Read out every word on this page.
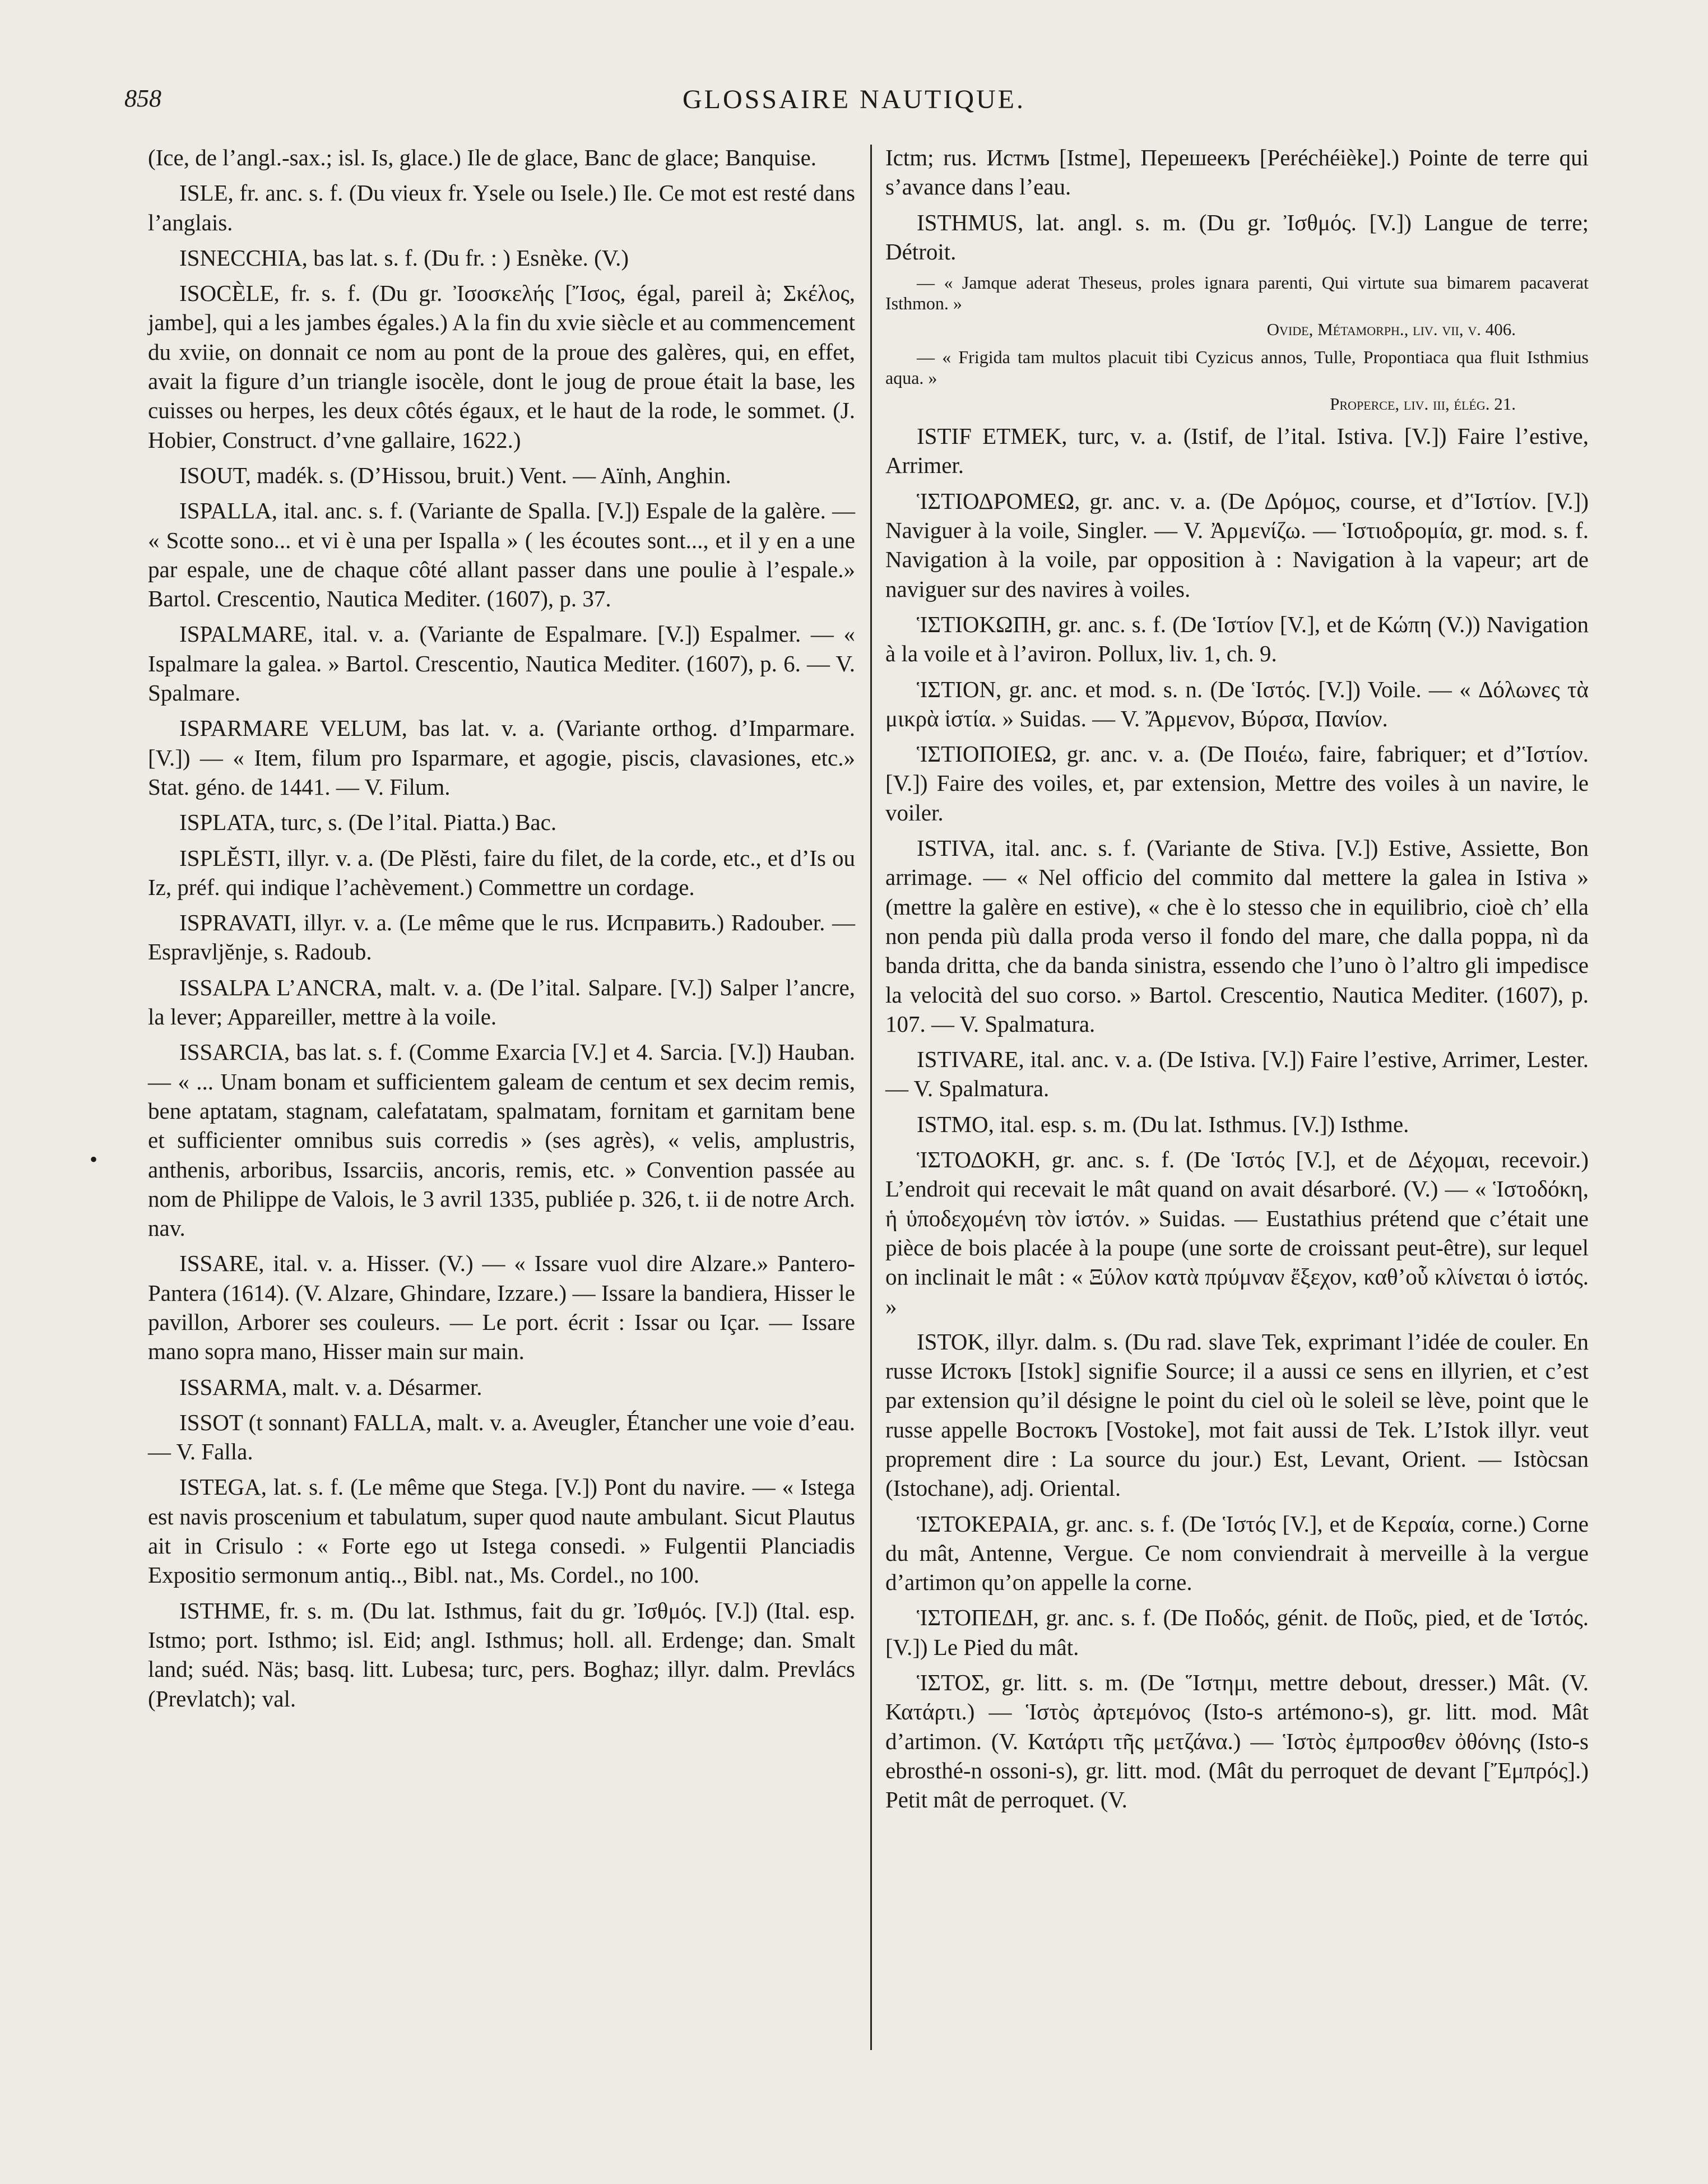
858	GLOSSAIRE NAUTIQUE.
•

(Ice, de l’angl.-sax.; isl. Is, glace.) Ile de glace, Banc de glace; Banquise.

ISLE, fr. anc. s. f. (Du vieux fr. Ysele ou Isele.) Ile. Ce mot est resté dans l’anglais.

ISNECCHIA, bas lat. s. f. (Du fr. : ) Esnèke. (V.)

ISOCÈLE, fr. s. f. (Du gr. Ἰσοσκελής [Ἴσος, égal, pareil à; Σκέλος, jambe], qui a les jambes égales.) A la fin du xvie siècle et au commencement du xviie, on donnait ce nom au pont de la proue des galères, qui, en effet, avait la figure d’un triangle isocèle, dont le joug de proue était la base, les cuisses ou herpes, les deux côtés égaux, et le haut de la rode, le sommet. (J. Hobier, Construct. d’vne gallaire, 1622.)

ISOUT, madék. s. (D’Hissou, bruit.) Vent. — Aïnh, Anghin.

ISPALLA, ital. anc. s. f. (Variante de Spalla. [V.]) Espale de la galère. — « Scotte sono... et vi è una per Ispalla » ( les écoutes sont..., et il y en a une par espale, une de chaque côté allant passer dans une poulie à l’espale.» Bartol. Crescentio, Nautica Mediter. (1607), p. 37.

ISPALMARE, ital. v. a. (Variante de Espalmare. [V.]) Espalmer. — « Ispalmare la galea. » Bartol. Crescentio, Nautica Mediter. (1607), p. 6. — V. Spalmare.

ISPARMARE VELUM, bas lat. v. a. (Variante orthog. d’Imparmare. [V.]) — « Item, filum pro Isparmare, et agogie, piscis, clavasiones, etc.» Stat. géno. de 1441. — V. Filum.

ISPLATA, turc, s. (De l’ital. Piatta.) Bac.

ISPLĔSTI, illyr. v. a. (De Plĕsti, faire du filet, de la corde, etc., et d’Is ou Iz, préf. qui indique l’achèvement.) Commettre un cordage.

ISPRAVATI, illyr. v. a. (Le même que le rus. Исправить.) Radouber. — Espravljĕnje, s. Radoub.

ISSALPA L’ANCRA, malt. v. a. (De l’ital. Salpare. [V.]) Salper l’ancre, la lever; Appareiller, mettre à la voile.

ISSARCIA, bas lat. s. f. (Comme Exarcia [V.] et 4. Sarcia. [V.]) Hauban. — « ... Unam bonam et sufficientem galeam de centum et sex decim remis, bene aptatam, stagnam, calefatatam, spalmatam, fornitam et garnitam bene et sufficienter omnibus suis corredis » (ses agrès), « velis, amplustris, anthenis, arboribus, Issarciis, ancoris, remis, etc. » Convention passée au nom de Philippe de Valois, le 3 avril 1335, publiée p. 326, t. ii de notre Arch. nav.

ISSARE, ital. v. a. Hisser. (V.) — « Issare vuol dire Alzare.» Pantero-Pantera (1614). (V. Alzare, Ghindare, Izzare.) — Issare la bandiera, Hisser le pavillon, Arborer ses couleurs. — Le port. écrit : Issar ou Içar. — Issare mano sopra mano, Hisser main sur main.

ISSARMA, malt. v. a. Désarmer.

ISSOT (t sonnant) FALLA, malt. v. a. Aveugler, Étancher une voie d’eau. — V. Falla.

ISTEGA, lat. s. f. (Le même que Stega. [V.]) Pont du navire. — « Istega est navis proscenium et tabulatum, super quod naute ambulant. Sicut Plautus ait in Crisulo : « Forte ego ut Istega consedi. » Fulgentii Planciadis Expositio sermonum antiq.., Bibl. nat., Ms. Cordel., no 100.

ISTHME, fr. s. m. (Du lat. Isthmus, fait du gr. Ἰσθμός. [V.]) (Ital. esp. Istmo; port. Isthmo; isl. Eid; angl. Isthmus; holl. all. Erdenge; dan. Smalt land; suéd. Näs; basq. litt. Lubesa; turc, pers. Boghaz; illyr. dalm. Prevlács (Prevlatch); val.

Ictm; rus. Истмъ [Istme], Перешеекъ [Peréchéièke].) Pointe de terre qui s’avance dans l’eau.

ISTHMUS, lat. angl. s. m. (Du gr. Ἰσθμός. [V.]) Langue de terre; Détroit.

— « Jamque aderat Theseus, proles ignara parenti, Qui virtute sua bimarem pacaverat Isthmon. »

Ovide, Métamorph., liv. vii, v. 406.

— « Frigida tam multos placuit tibi Cyzicus annos, Tulle, Propontiaca qua fluit Isthmius aqua. »

Properce, liv. iii, élég. 21.

ISTIF ETMEK, turc, v. a. (Istif, de l’ital. Istiva. [V.]) Faire l’estive, Arrimer.

ἹΣΤΙΟΔΡΟΜΕΩ, gr. anc. v. a. (De Δρόμος, course, et d’Ἱστίον. [V.]) Naviguer à la voile, Singler. — V. Ἀρμενίζω. — Ἱστιοδρομία, gr. mod. s. f. Navigation à la voile, par opposition à : Navigation à la vapeur; art de naviguer sur des navires à voiles.

ἹΣΤΙΟΚΩΠΗ, gr. anc. s. f. (De Ἱστίον [V.], et de Κώπη (V.)) Navigation à la voile et à l’aviron. Pollux, liv. 1, ch. 9.

ἹΣΤΙΟΝ, gr. anc. et mod. s. n. (De Ἱστός. [V.]) Voile. — « Δόλωνες τὰ μικρὰ ἱστία. » Suidas. — V. Ἄρμενον, Βύρσα, Πανίον.

ἹΣΤΙΟΠΟΙΕΩ, gr. anc. v. a. (De Ποιέω, faire, fabriquer; et d’Ἱστίον. [V.]) Faire des voiles, et, par extension, Mettre des voiles à un navire, le voiler.

ISTIVA, ital. anc. s. f. (Variante de Stiva. [V.]) Estive, Assiette, Bon arrimage. — « Nel officio del commito dal mettere la galea in Istiva » (mettre la galère en estive), « che è lo stesso che in equilibrio, cioè ch’ ella non penda più dalla proda verso il fondo del mare, che dalla poppa, nì da banda dritta, che da banda sinistra, essendo che l’uno ò l’altro gli impedisce la velocità del suo corso. » Bartol. Crescentio, Nautica Mediter. (1607), p. 107. — V. Spalmatura.

ISTIVARE, ital. anc. v. a. (De Istiva. [V.]) Faire l’estive, Arrimer, Lester. — V. Spalmatura.

ISTMO, ital. esp. s. m. (Du lat. Isthmus. [V.]) Isthme.

ἹΣΤΟΔΟΚΗ, gr. anc. s. f. (De Ἱστός [V.], et de Δέχομαι, recevoir.) L’endroit qui recevait le mât quand on avait désarboré. (V.) — « Ἱστοδόκη, ἡ ὑποδεχομένη τὸν ἱστόν. » Suidas. — Eustathius prétend que c’était une pièce de bois placée à la poupe (une sorte de croissant peut-être), sur lequel on inclinait le mât : « Ξύλον κατὰ πρύμναν ἔξεχον, καθ’οὗ κλίνεται ὁ ἱστός. »

ISTOK, illyr. dalm. s. (Du rad. slave Tek, exprimant l’idée de couler. En russe Истокъ [Istok] signifie Source; il a aussi ce sens en illyrien, et c’est par extension qu’il désigne le point du ciel où le soleil se lève, point que le russe appelle Востокъ [Vostoke], mot fait aussi de Tek. L’Istok illyr. veut proprement dire : La source du jour.) Est, Levant, Orient. — Istòcsan (Istochane), adj. Oriental.

ἹΣΤΟΚΕΡΑΙΑ, gr. anc. s. f. (De Ἱστός [V.], et de Κεραία, corne.) Corne du mât, Antenne, Vergue. Ce nom conviendrait à merveille à la vergue d’artimon qu’on appelle la corne.

ἹΣΤΟΠΕΔΗ, gr. anc. s. f. (De Ποδός, génit. de Ποῦς, pied, et de Ἱστός. [V.]) Le Pied du mât.

ἹΣΤΟΣ, gr. litt. s. m. (De Ἵστημι, mettre debout, dresser.) Mât. (V. Κατάρτι.) — Ἱστὸς ἀρτεμόνος (Isto-s artémono-s), gr. litt. mod. Mât d’artimon. (V. Κατάρτι τῆς μετζάνα.) — Ἱστὸς ἐμπροσθεν ὀθόνης (Isto-s ebrosthé-n ossoni-s), gr. litt. mod. (Mât du perroquet de devant [Ἔμπρός].) Petit mât de perroquet. (V.
